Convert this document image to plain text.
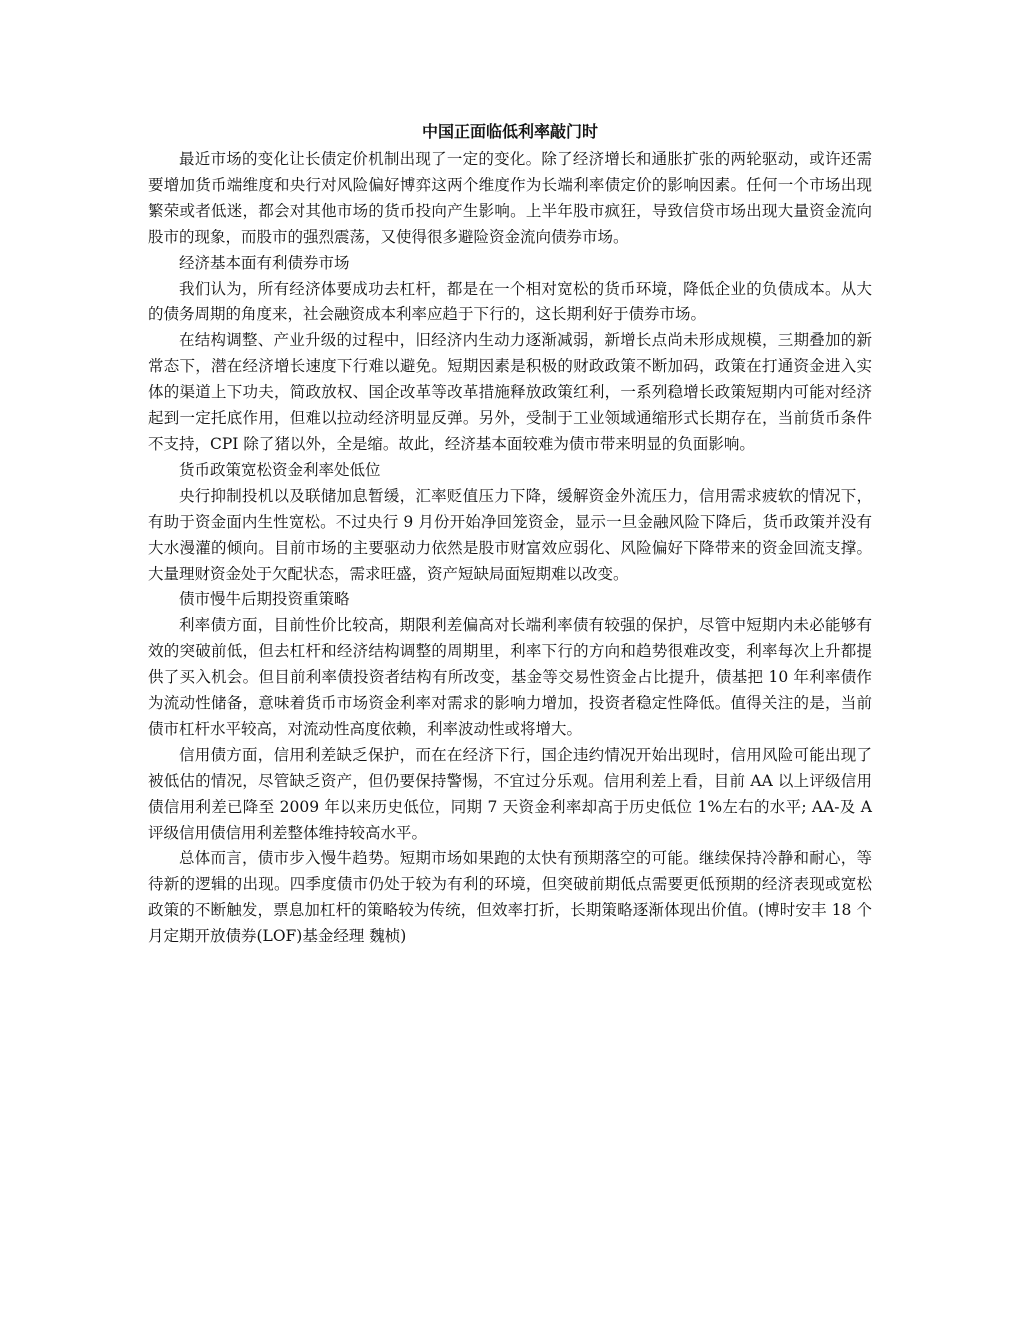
中国正面临低利率敲门时

最近市场的变化让长债定价机制出现了一定的变化。除了经济增长和通胀扩张的两轮驱动，或许还需要增加货币端维度和央行对风险偏好博弈这两个维度作为长端利率债定价的影响因素。任何一个市场出现繁荣或者低迷，都会对其他市场的货币投向产生影响。上半年股市疯狂，导致信贷市场出现大量资金流向股市的现象，而股市的强烈震荡，又使得很多避险资金流向债券市场。

经济基本面有利债券市场

我们认为，所有经济体要成功去杠杆，都是在一个相对宽松的货币环境，降低企业的负债成本。从大的债务周期的角度来，社会融资成本利率应趋于下行的，这长期利好于债券市场。

在结构调整、产业升级的过程中，旧经济内生动力逐渐减弱，新增长点尚未形成规模，三期叠加的新常态下，潜在经济增长速度下行难以避免。短期因素是积极的财政政策不断加码，政策在打通资金进入实体的渠道上下功夫，简政放权、国企改革等改革措施释放政策红利，一系列稳增长政策短期内可能对经济起到一定托底作用，但难以拉动经济明显反弹。另外，受制于工业领域通缩形式长期存在，当前货币条件不支持，CPI 除了猪以外，全是缩。故此，经济基本面较难为债市带来明显的负面影响。

货币政策宽松资金利率处低位

央行抑制投机以及联储加息暂缓，汇率贬值压力下降，缓解资金外流压力，信用需求疲软的情况下，有助于资金面内生性宽松。不过央行 9 月份开始净回笼资金，显示一旦金融风险下降后，货币政策并没有大水漫灌的倾向。目前市场的主要驱动力依然是股市财富效应弱化、风险偏好下降带来的资金回流支撑。大量理财资金处于欠配状态，需求旺盛，资产短缺局面短期难以改变。

债市慢牛后期投资重策略

利率债方面，目前性价比较高，期限利差偏高对长端利率债有较强的保护，尽管中短期内未必能够有效的突破前低，但去杠杆和经济结构调整的周期里，利率下行的方向和趋势很难改变，利率每次上升都提供了买入机会。但目前利率债投资者结构有所改变，基金等交易性资金占比提升，债基把 10 年利率债作为流动性储备，意味着货币市场资金利率对需求的影响力增加，投资者稳定性降低。值得关注的是，当前债市杠杆水平较高，对流动性高度依赖，利率波动性或将增大。

信用债方面，信用利差缺乏保护，而在在经济下行，国企违约情况开始出现时，信用风险可能出现了被低估的情况，尽管缺乏资产，但仍要保持警惕，不宜过分乐观。信用利差上看，目前 AA 以上评级信用债信用利差已降至 2009 年以来历史低位，同期 7 天资金利率却高于历史低位 1%左右的水平; AA-及 A 评级信用债信用利差整体维持较高水平。

总体而言，债市步入慢牛趋势。短期市场如果跑的太快有预期落空的可能。继续保持冷静和耐心，等待新的逻辑的出现。四季度债市仍处于较为有利的环境，但突破前期低点需要更低预期的经济表现或宽松政策的不断触发，票息加杠杆的策略较为传统，但效率打折，长期策略逐渐体现出价值。(博时安丰 18 个月定期开放债券(LOF)基金经理 魏桢)
